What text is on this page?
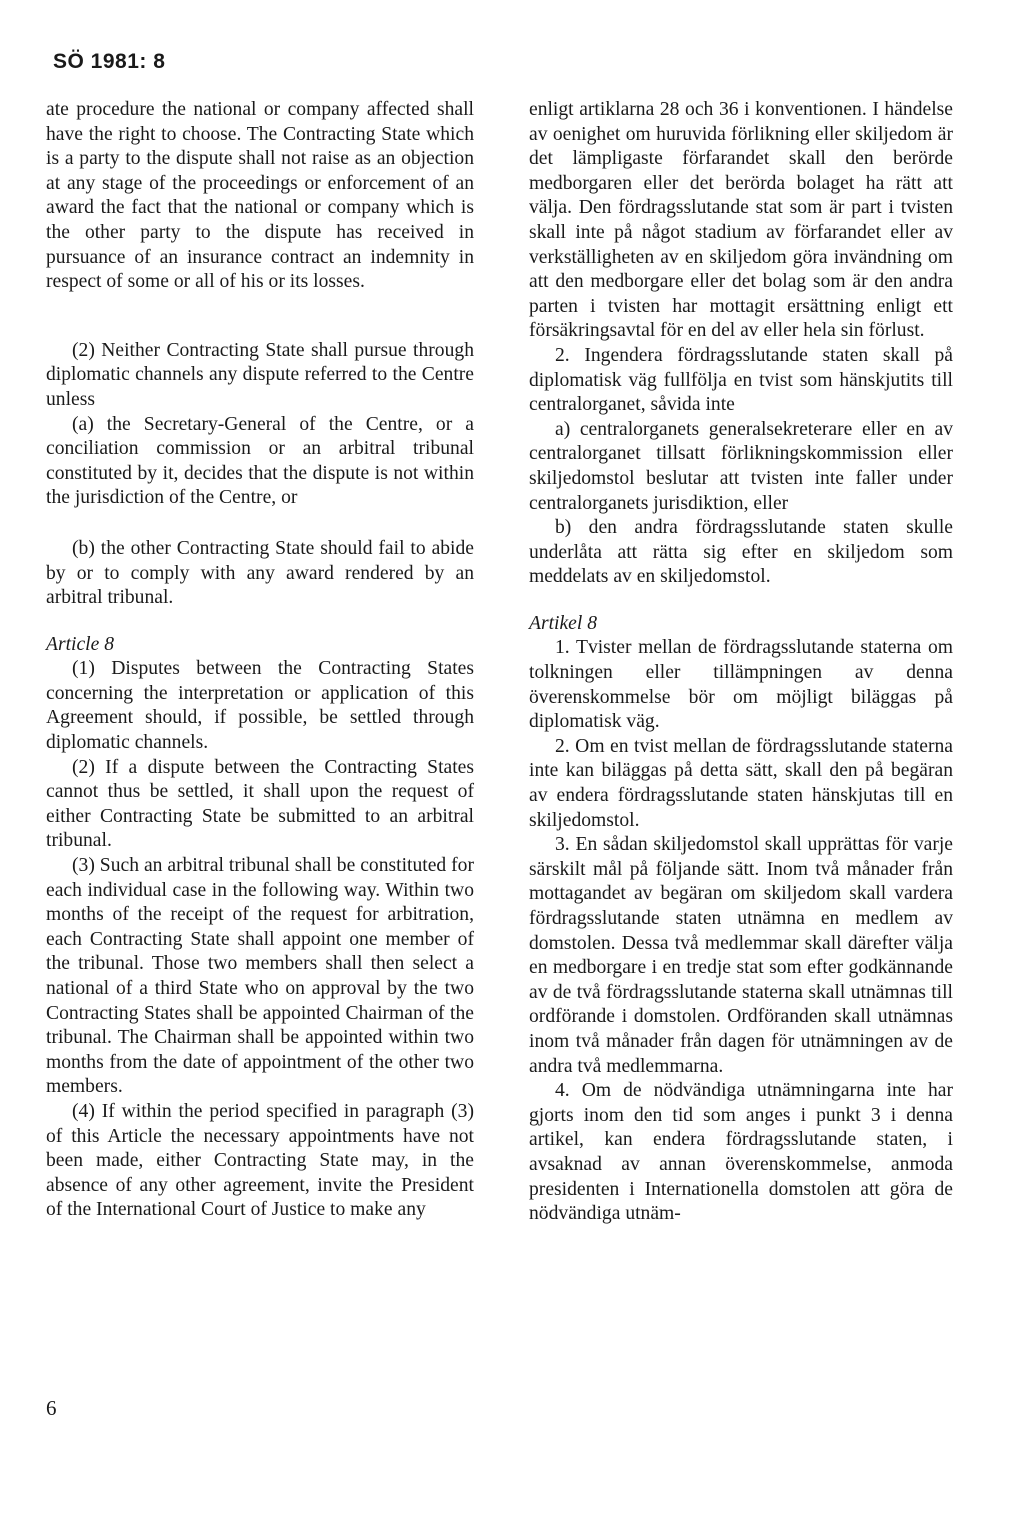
SÖ 1981: 8

ate procedure the national or company affected shall have the right to choose. The Contracting State which is a party to the dispute shall not raise as an objection at any stage of the proceedings or enforcement of an award the fact that the national or company which is the other party to the dispute has received in pursuance of an insurance contract an indemnity in respect of some or all of his or its losses.

(2) Neither Contracting State shall pursue through diplomatic channels any dispute referred to the Centre unless

(a) the Secretary-General of the Centre, or a conciliation commission or an arbitral tribunal constituted by it, decides that the dispute is not within the jurisdiction of the Centre, or

(b) the other Contracting State should fail to abide by or to comply with any award rendered by an arbitral tribunal.

Article 8

(1) Disputes between the Contracting States concerning the interpretation or application of this Agreement should, if possible, be settled through diplomatic channels.

(2) If a dispute between the Contracting States cannot thus be settled, it shall upon the request of either Contracting State be submitted to an arbitral tribunal.

(3) Such an arbitral tribunal shall be constituted for each individual case in the following way. Within two months of the receipt of the request for arbitration, each Contracting State shall appoint one member of the tribunal. Those two members shall then select a national of a third State who on approval by the two Contracting States shall be appointed Chairman of the tribunal. The Chairman shall be appointed within two months from the date of appointment of the other two members.

(4) If within the period specified in paragraph (3) of this Article the necessary appointments have not been made, either Contracting State may, in the absence of any other agreement, invite the President of the International Court of Justice to make any

enligt artiklarna 28 och 36 i konventionen. I händelse av oenighet om huruvida förlikning eller skiljedom är det lämpligaste förfarandet skall den berörde medborgaren eller det berörda bolaget ha rätt att välja. Den fördragsslutande stat som är part i tvisten skall inte på något stadium av förfarandet eller av verkställigheten av en skiljedom göra invändning om att den medborgare eller det bolag som är den andra parten i tvisten har mottagit ersättning enligt ett försäkringsavtal för en del av eller hela sin förlust.

2. Ingendera fördragsslutande staten skall på diplomatisk väg fullfölja en tvist som hänskjutits till centralorganet, såvida inte

a) centralorganets generalsekreterare eller en av centralorganet tillsatt förlikningskommission eller skiljedomstol beslutar att tvisten inte faller under centralorganets jurisdiktion, eller

b) den andra fördragsslutande staten skulle underlåta att rätta sig efter en skiljedom som meddelats av en skiljedomstol.

Artikel 8

1. Tvister mellan de fördragsslutande staterna om tolkningen eller tillämpningen av denna överenskommelse bör om möjligt biläggas på diplomatisk väg.

2. Om en tvist mellan de fördragsslutande staterna inte kan biläggas på detta sätt, skall den på begäran av endera fördragsslutande staten hänskjutas till en skiljedomstol.

3. En sådan skiljedomstol skall upprättas för varje särskilt mål på följande sätt. Inom två månader från mottagandet av begäran om skiljedom skall vardera fördragsslutande staten utnämna en medlem av domstolen. Dessa två medlemmar skall därefter välja en medborgare i en tredje stat som efter godkännande av de två fördragsslutande staterna skall utnämnas till ordförande i domstolen. Ordföranden skall utnämnas inom två månader från dagen för utnämningen av de andra två medlemmarna.

4. Om de nödvändiga utnämningarna inte har gjorts inom den tid som anges i punkt 3 i denna artikel, kan endera fördragsslutande staten, i avsaknad av annan överenskommelse, anmoda presidenten i Internationella domstolen att göra de nödvändiga utnäm-

6
